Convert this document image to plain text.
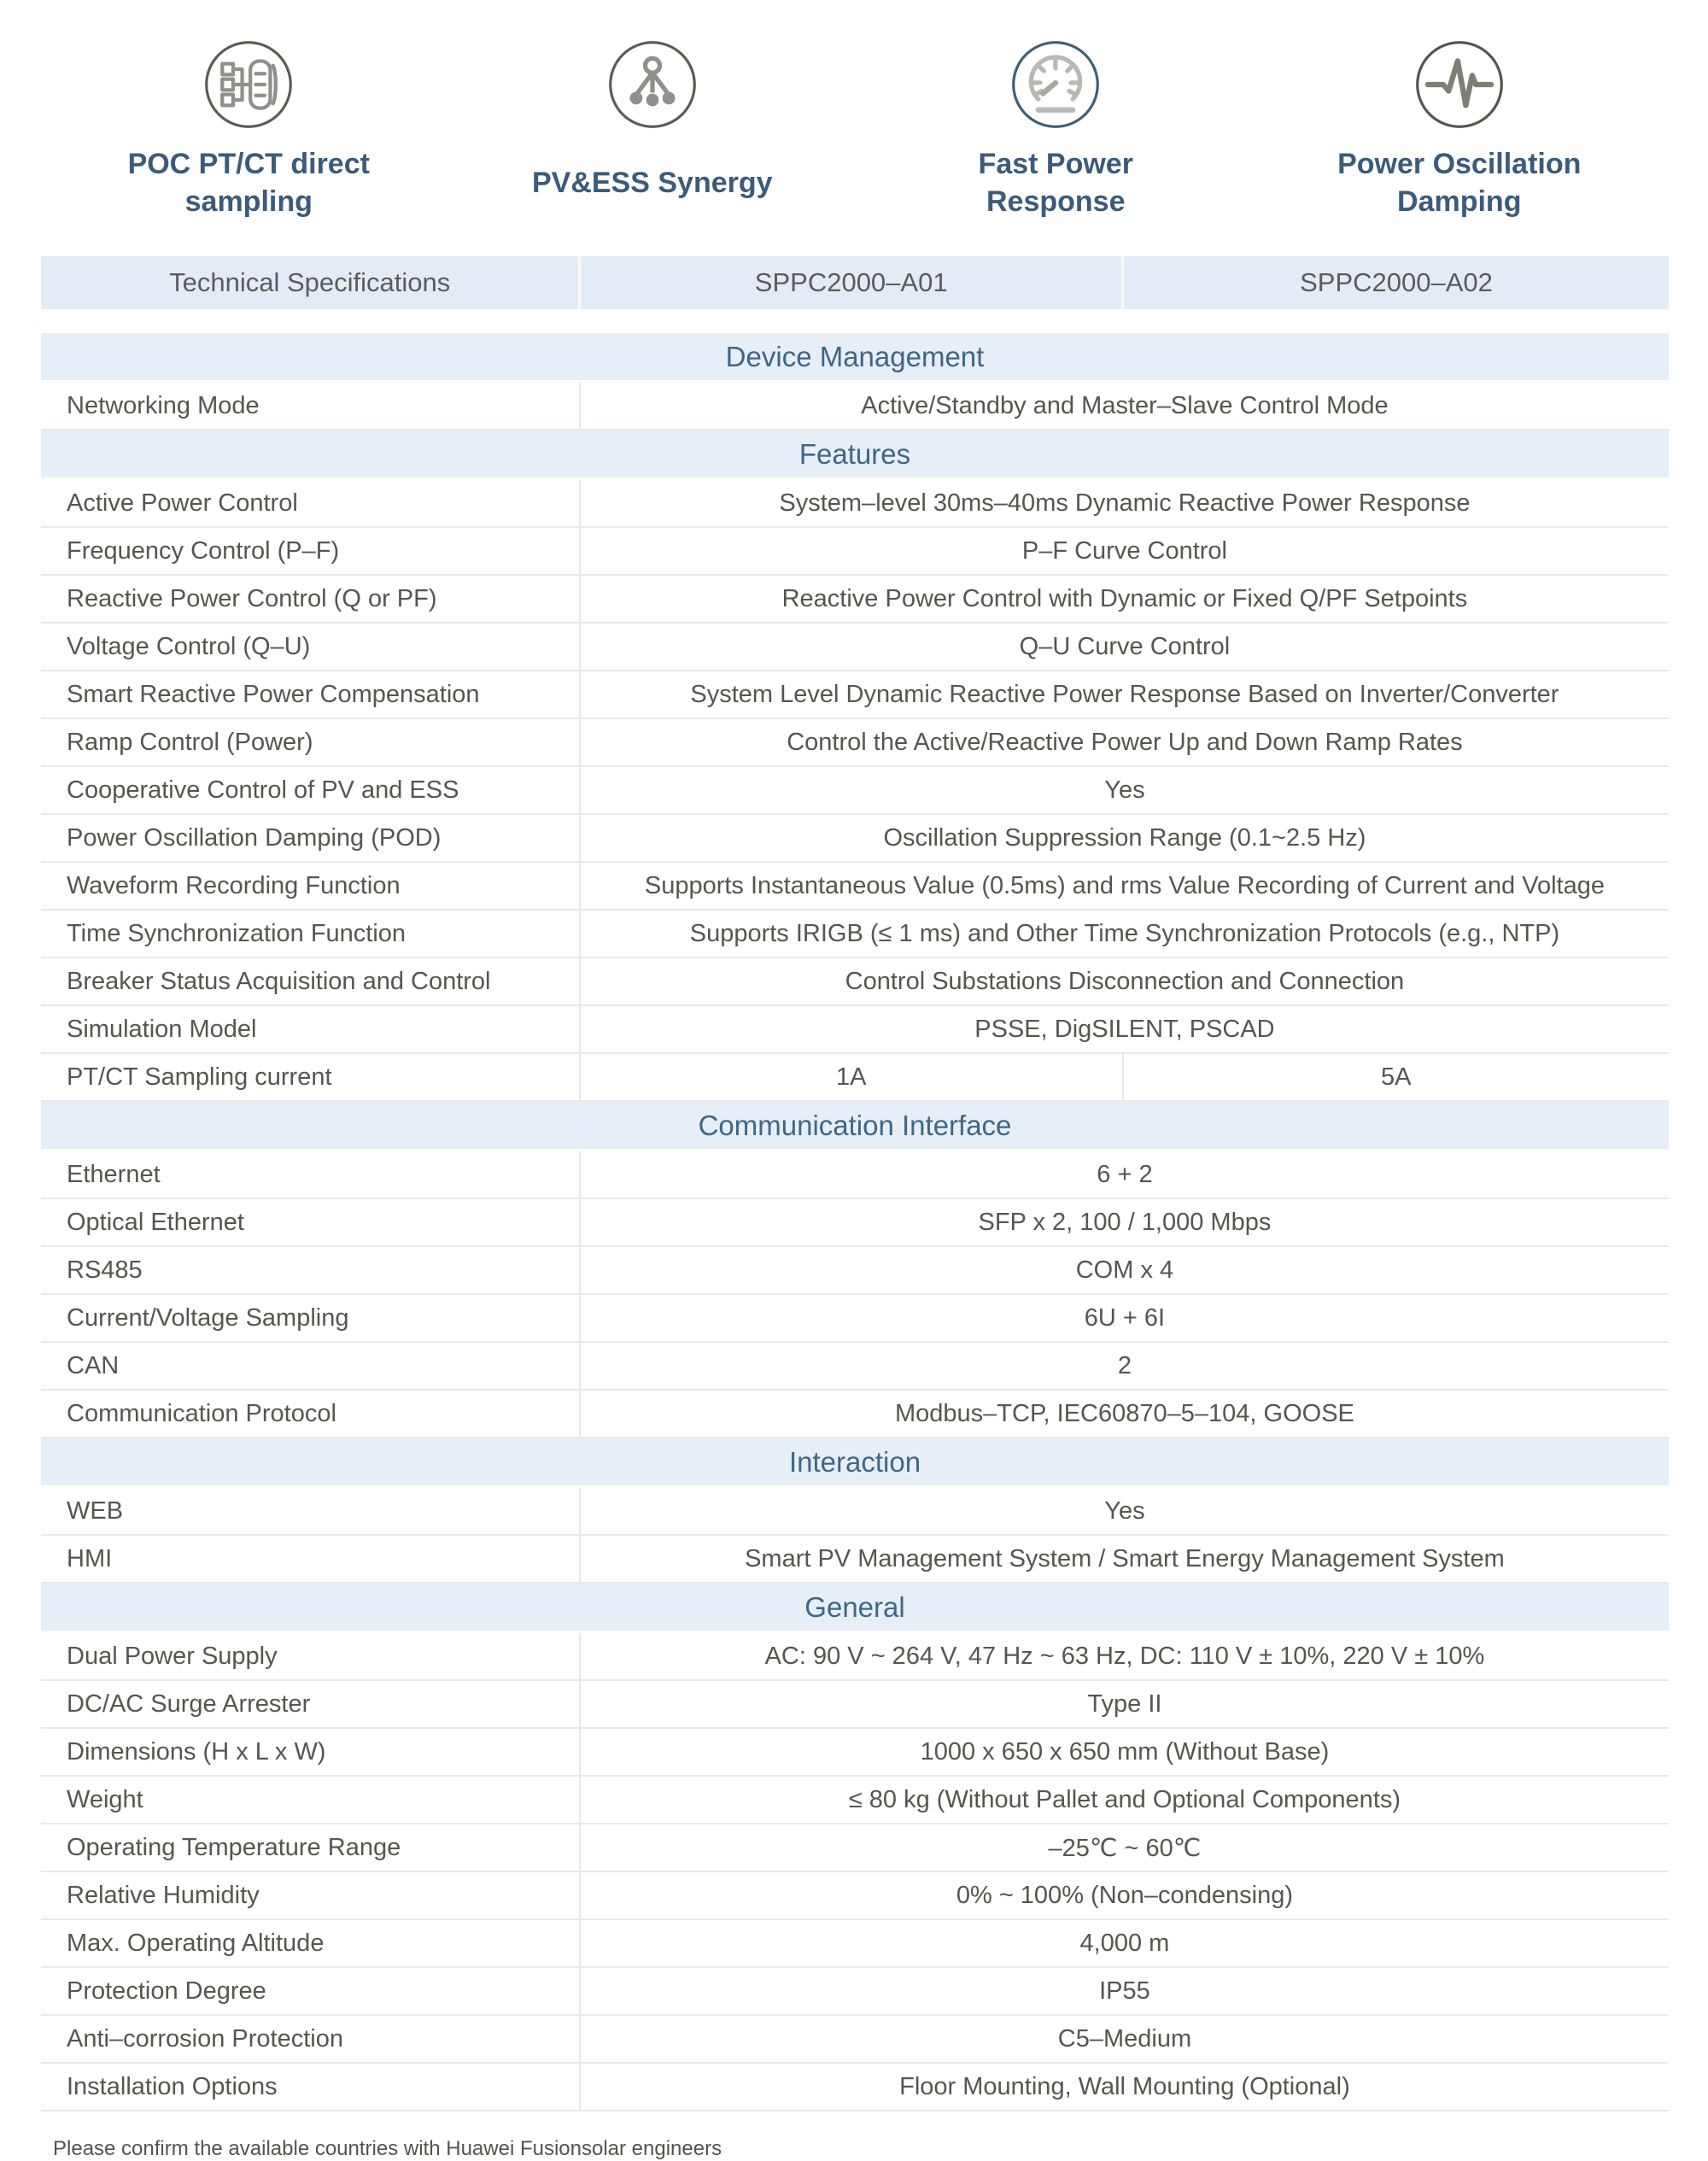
POC PT/CT direct sampling
PV&ESS Synergy
Fast Power Response
Power Oscillation Damping
Technical Specifications	SPPC2000–A01	SPPC2000–A02

Device Management		
Networking Mode	Active/Standby and Master–Slave Control Mode	
Features		
Active Power Control	System–level 30ms–40ms Dynamic Reactive Power Response	
Frequency Control (P–F)	P–F Curve Control	
Reactive Power Control (Q or PF)	Reactive Power Control with Dynamic or Fixed Q/PF Setpoints	
Voltage Control (Q–U)	Q–U Curve Control	
Smart Reactive Power Compensation	System Level Dynamic Reactive Power Response Based on Inverter/Converter	
Ramp Control (Power)	Control the Active/Reactive Power Up and Down Ramp Rates	
Cooperative Control of PV and ESS	Yes	
Power Oscillation Damping (POD)	Oscillation Suppression Range (0.1~2.5 Hz)	
Waveform Recording Function	Supports Instantaneous Value (0.5ms) and rms Value Recording of Current and Voltage	
Time Synchronization Function	Supports IRIGB (≤ 1 ms) and Other Time Synchronization Protocols (e.g., NTP)	
Breaker Status Acquisition and Control	Control Substations Disconnection and Connection	
Simulation Model	PSSE, DigSILENT, PSCAD	
PT/CT Sampling current	1A	5A
Communication Interface		
Ethernet	6 + 2	
Optical Ethernet	SFP x 2, 100 / 1,000 Mbps	
RS485	COM x 4	
Current/Voltage Sampling	6U + 6I	
CAN	2	
Communication Protocol	Modbus–TCP, IEC60870–5–104, GOOSE	
Interaction		
WEB	Yes	
HMI	Smart PV Management System / Smart Energy Management System	
General		
Dual Power Supply	AC: 90 V ~ 264 V, 47 Hz ~ 63 Hz, DC: 110 V ± 10%, 220 V ± 10%	
DC/AC Surge Arrester	Type II	
Dimensions (H x L x W)	1000 x 650 x 650 mm (Without Base)	
Weight	≤ 80 kg (Without Pallet and Optional Components)	
Operating Temperature Range	–25℃ ~ 60℃	
Relative Humidity	0% ~ 100% (Non–condensing)	
Max. Operating Altitude	4,000 m	
Protection Degree	IP55	
Anti–corrosion Protection	C5–Medium	
Installation Options	Floor Mounting, Wall Mounting (Optional)	
Please confirm the available countries with Huawei Fusionsolar engineers
